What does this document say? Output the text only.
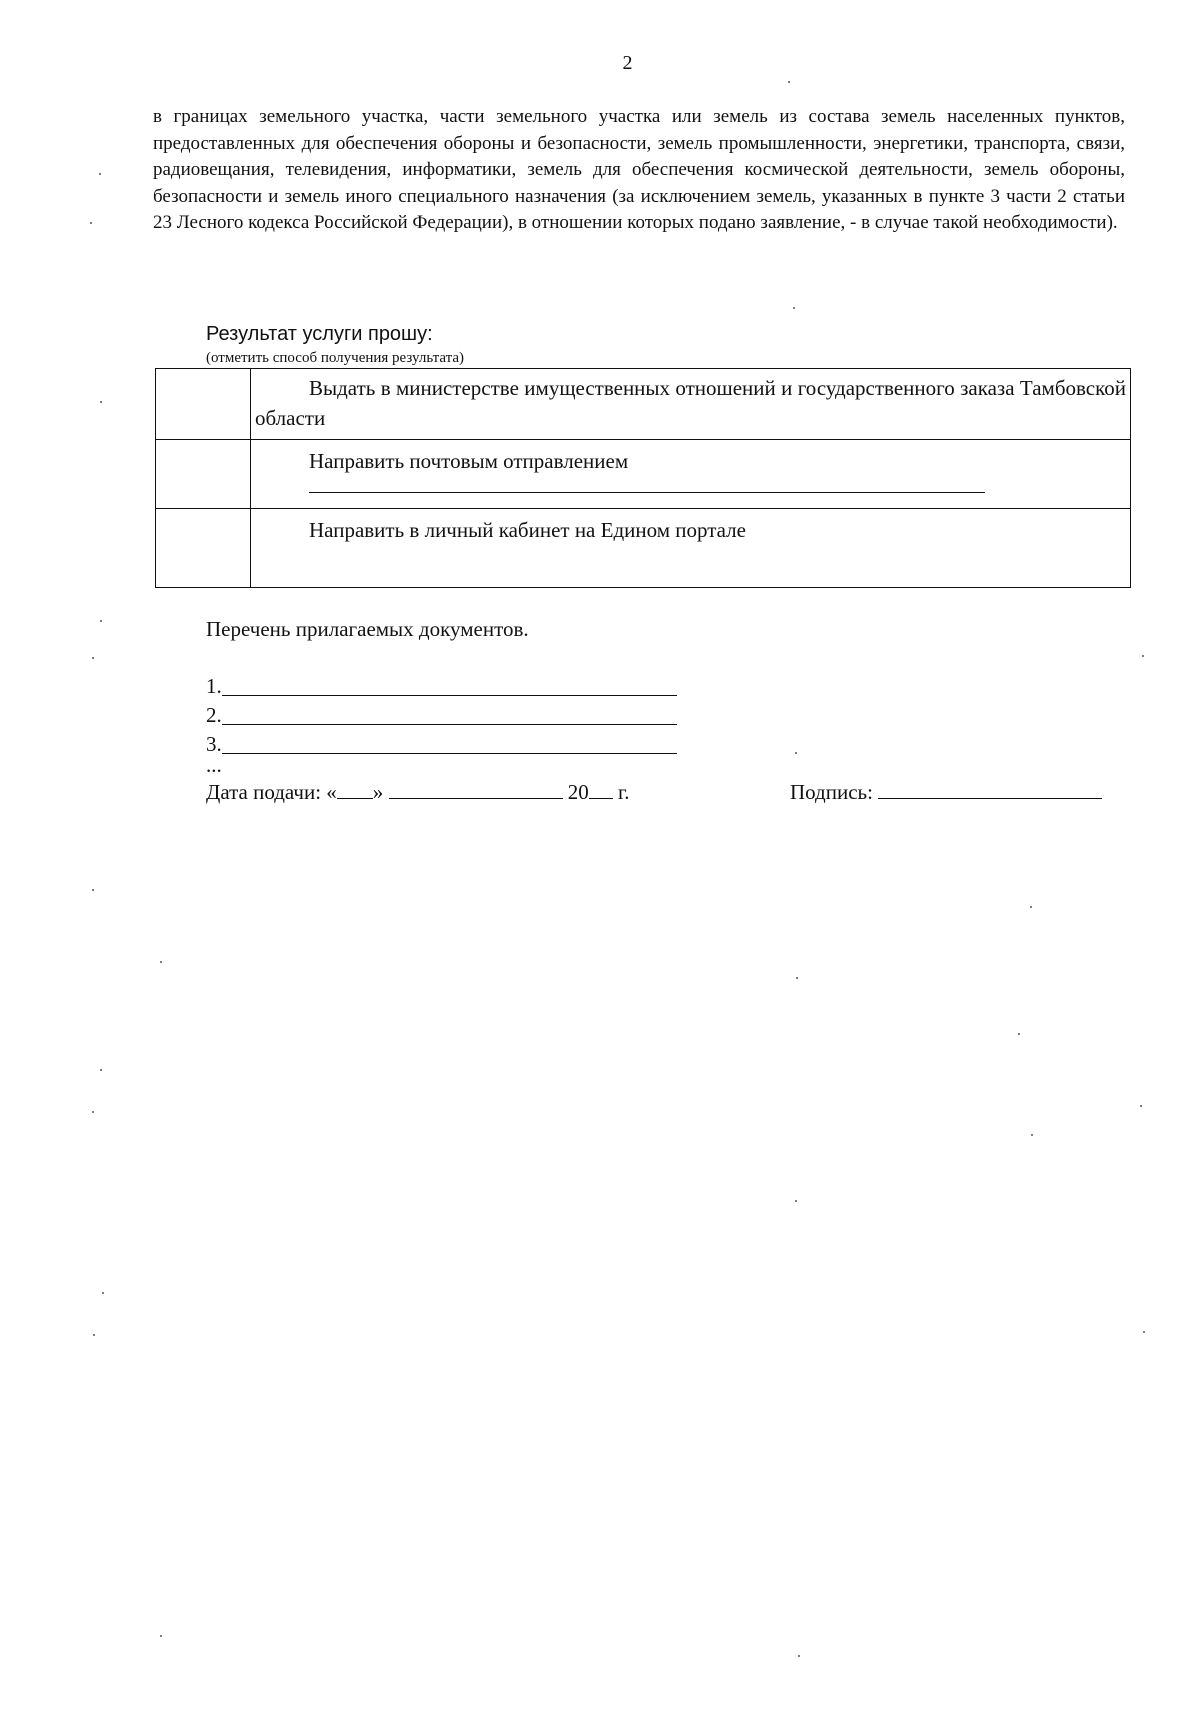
2

в границах земельного участка, части земельного участка или земель из состава земель населенных пунктов, предоставленных для обеспечения обороны и безопасности, земель промышленности, энергетики, транспорта, связи, радиовещания, телевидения, информатики, земель для обеспечения космической деятельности, земель обороны, безопасности и земель иного специального назначения (за исключением земель, указанных в пункте 3 части 2 статьи 23 Лесного кодекса Российской Федерации), в отношении которых подано заявление, - в случае такой необходимости).

Результат услуги прошу:

(отметить способ получения результата)

	Выдать в министерстве имущественных отношений и государственного заказа Тамбовской области

	Направить почтовым отправлением

	Направить в личный кабинет на Едином портале

Перечень прилагаемых документов.

1.
2.
3.

...

Дата подачи: « »	20 г.	Подпись:
